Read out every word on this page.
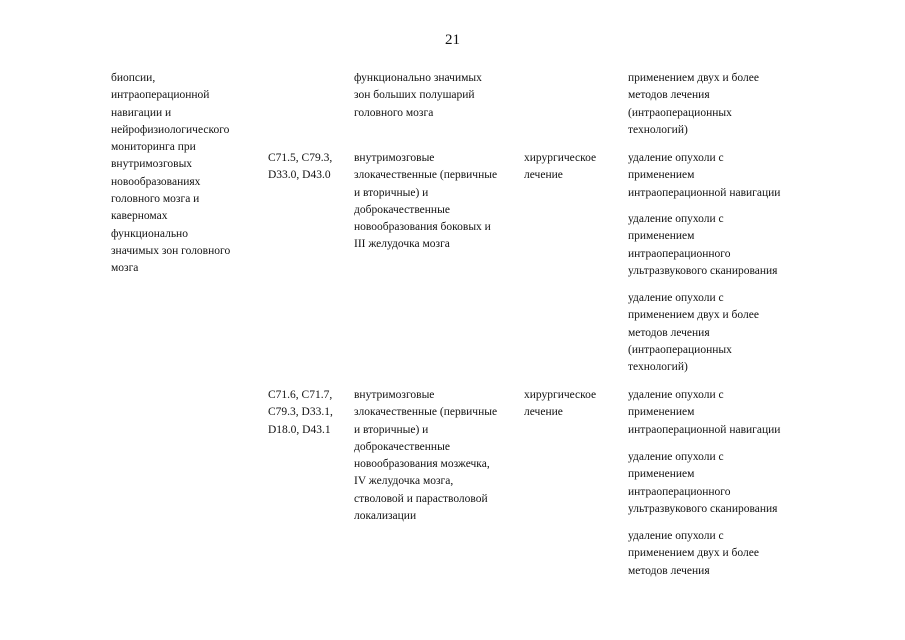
21
биопсии,
интраоперационной
навигации и
нейрофизиологического
мониторинга при
внутримозговых
новообразованиях
головного мозга и
каверномах
функционально
значимых зон головного
мозга
функционально значимых
зон больших полушарий
головного мозга
применением двух и более
методов лечения
(интраоперационных
технологий)
C71.5, C79.3,
D33.0, D43.0
внутримозговые
злокачественные (первичные
и вторичные) и
доброкачественные
новообразования боковых и
III желудочка мозга
хирургическое
лечение
удаление опухоли с
применением
интраоперационной навигации
удаление опухоли с
применением
интраоперационного
ультразвукового сканирования
удаление опухоли с
применением двух и более
методов лечения
(интраоперационных
технологий)
C71.6, C71.7,
C79.3, D33.1,
D18.0, D43.1
внутримозговые
злокачественные (первичные
и вторичные) и
доброкачественные
новообразования мозжечка,
IV желудочка мозга,
стволовой и парастволовой
локализации
хирургическое
лечение
удаление опухоли с
применением
интраоперационной навигации
удаление опухоли с
применением
интраоперационного
ультразвукового сканирования
удаление опухоли с
применением двух и более
методов лечения
